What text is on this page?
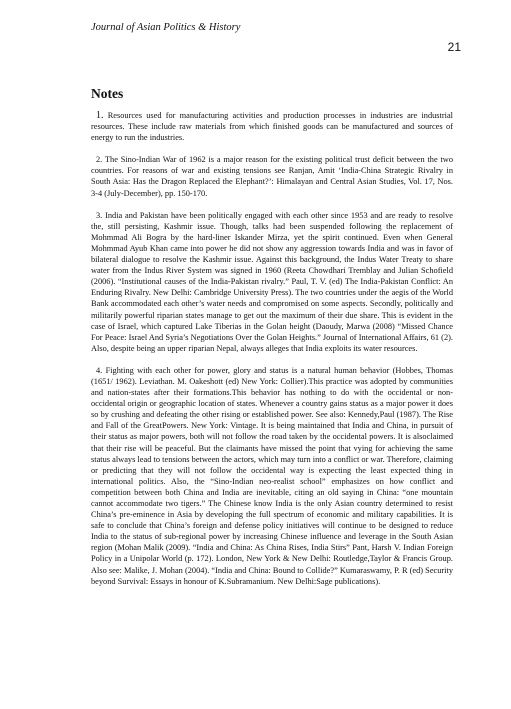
Journal of Asian Politics & History
21
Notes

1. Resources used for manufacturing activities and production processes in industries are industrial resources. These include raw materials from which finished goods can be manufactured and sources of energy to run the industries.

2. The Sino-Indian War of 1962 is a major reason for the existing political trust deficit between the two countries. For reasons of war and existing tensions see Ranjan, Amit ‘India-China Strategic Rivalry in South Asia: Has the Dragon Replaced the Elephant?’: Himalayan and Central Asian Studies, Vol. 17, Nos. 3-4 (July-December), pp. 150-170.

3. India and Pakistan have been politically engaged with each other since 1953 and are ready to resolve the, still persisting, Kashmir issue. Though, talks had been suspended following the replacement of Mohmmad Ali Bogra by the hard-liner Iskander Mirza, yet the spirit continued. Even when General Mohmmad Ayub Khan came into power he did not show any aggression towards India and was in favor of bilateral dialogue to resolve the Kashmir issue. Against this background, the Indus Water Treaty to share water from the Indus River System was signed in 1960 (Reeta Chowdhari Tremblay and Julian Schofield (2006). “Institutional causes of the India-Pakistan rivalry.” Paul, T. V. (ed) The India-Pakistan Conflict: An Enduring Rivalry. New Delhi: Cambridge University Press). The two countries under the aegis of the World Bank accommodated each other’s water needs and compromised on some aspects. Secondly, politically and militarily powerful riparian states manage to get out the maximum of their due share. This is evident in the case of Israel, which captured Lake Tiberias in the Golan height (Daoudy, Marwa (2008) “Missed Chance For Peace: Israel And Syria’s Negotiations Over the Golan Heights.” Journal of International Affairs, 61 (2). Also, despite being an upper riparian Nepal, always alleges that India exploits its water resources.

4. Fighting with each other for power, glory and status is a natural human behavior (Hobbes, Thomas (1651/ 1962). Leviathan. M. Oakeshott (ed) New York: Collier).This practice was adopted by communities and nation-states after their formations.This behavior has nothing to do with the occidental or non-occidental origin or geographic location of states. Whenever a country gains status as a major power it does so by crushing and defeating the other rising or established power. See also: Kennedy,Paul (1987). The Rise and Fall of the GreatPowers. New York: Vintage. It is being maintained that India and China, in pursuit of their status as major powers, both will not follow the road taken by the occidental powers. It is alsoclaimed that their rise will be peaceful. But the claimants have missed the point that vying for achieving the same status always lead to tensions between the actors, which may turn into a conflict or war. Therefore, claiming or predicting that they will not follow the occidental way is expecting the least expected thing in international politics. Also, the “Sino-Indian neo-realist school” emphasizes on how conflict and competition between both China and India are inevitable, citing an old saying in China: “one mountain cannot accommodate two tigers.” The Chinese know India is the only Asian country determined to resist China’s pre-eminence in Asia by developing the full spectrum of economic and military capabilities. It is safe to conclude that China’s foreign and defense policy initiatives will continue to be designed to reduce India to the status of sub-regional power by increasing Chinese influence and leverage in the South Asian region (Mohan Malik (2009). “India and China: As China Rises, India Stirs” Pant, Harsh V. Indian Foreign Policy in a Unipolar World (p. 172). London, New York & New Delhi: Routledge,Taylor & Francis Group. Also see: Malike, J. Mohan (2004). “India and China: Bound to Collide?” Kumaraswamy, P. R (ed) Security beyond Survival: Essays in honour of K.Subramanium. New Delhi:Sage publications).
